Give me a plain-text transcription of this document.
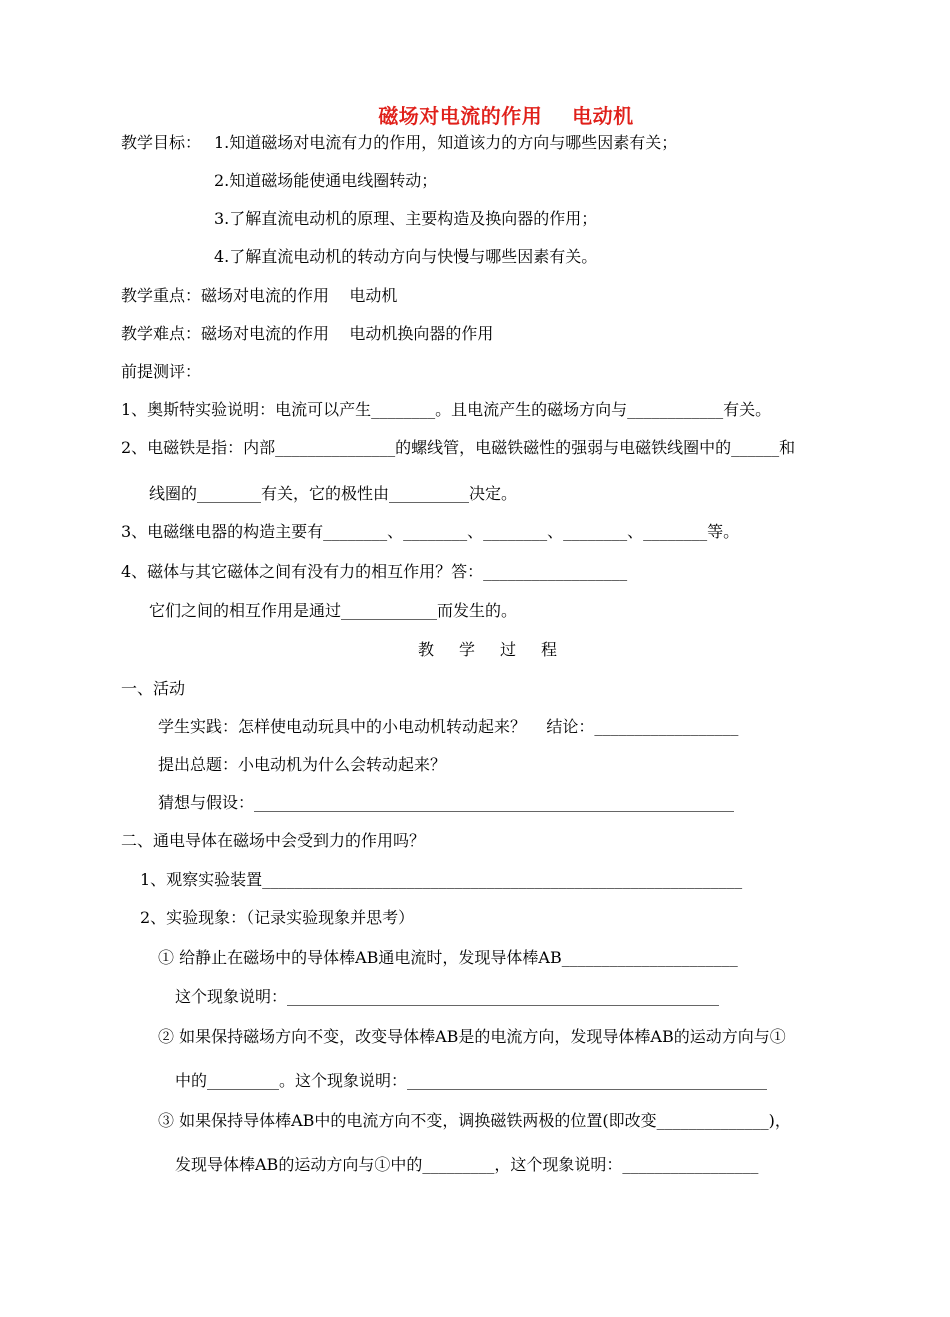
磁场对电流的作用    电动机
教学目标： 1.知道磁场对电流有力的作用，知道该力的方向与哪些因素有关；
2.知道磁场能使通电线圈转动；
3.了解直流电动机的原理、主要构造及换向器的作用；
4.了解直流电动机的转动方向与快慢与哪些因素有关。
教学重点：磁场对电流的作用    电动机
教学难点：磁场对电流的作用    电动机换向器的作用
前提测评：
1、奥斯特实验说明：电流可以产生________。且电流产生的磁场方向与____________有关。
2、电磁铁是指：内部_______________的螺线管，电磁铁磁性的强弱与电磁铁线圈中的______和
线圈的________有关，它的极性由__________决定。
3、电磁继电器的构造主要有________、________、________、________、________等。
4、磁体与其它磁体之间有没有力的相互作用？答：__________________
它们之间的相互作用是通过____________而发生的。
教学过程
一、活动
学生实践：怎样使电动玩具中的小电动机转动起来？    结论：__________________
提出总题：小电动机为什么会转动起来？
猜想与假设：____________________________________________________________
二、通电导体在磁场中会受到力的作用吗？
1、观察实验装置____________________________________________________________
2、实验现象：（记录实验现象并思考）
① 给静止在磁场中的导体棒AB通电流时，发现导体棒AB______________________
这个现象说明：______________________________________________________
② 如果保持磁场方向不变，改变导体棒AB是的电流方向，发现导体棒AB的运动方向与①
中的_________。这个现象说明：_____________________________________________
③ 如果保持导体棒AB中的电流方向不变，调换磁铁两极的位置(即改变______________)，
发现导体棒AB的运动方向与①中的_________，这个现象说明：_________________
